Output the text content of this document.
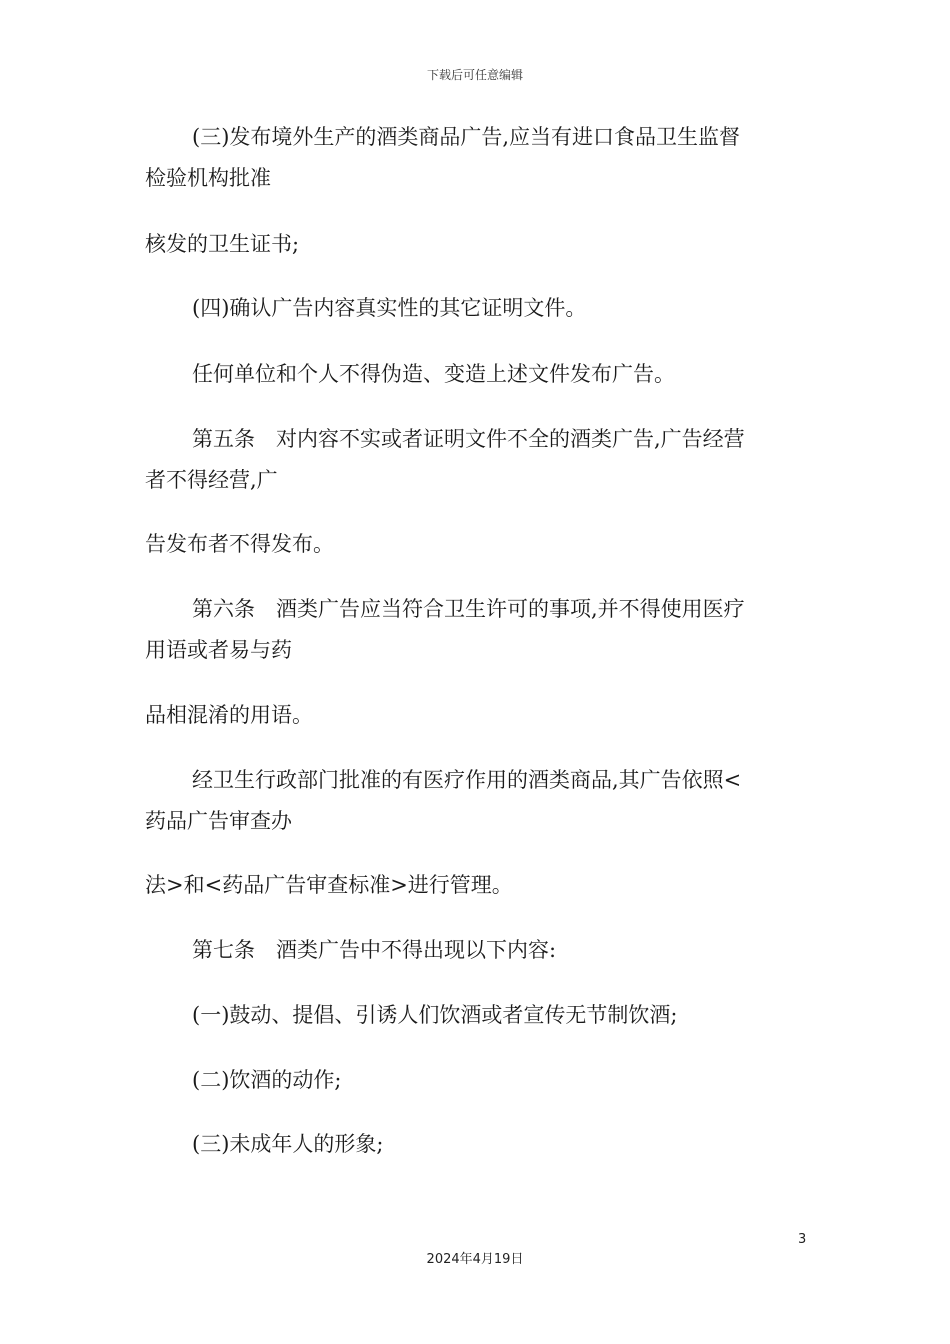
下载后可任意编辑
(三)发布境外生产的酒类商品广告,应当有进口食品卫生监督
检验机构批准
核发的卫生证书;
(四)确认广告内容真实性的其它证明文件。
任何单位和个人不得伪造、变造上述文件发布广告。
第五条　对内容不实或者证明文件不全的酒类广告,广告经营
者不得经营,广
告发布者不得发布。
第六条　酒类广告应当符合卫生许可的事项,并不得使用医疗
用语或者易与药
品相混淆的用语。
经卫生行政部门批准的有医疗作用的酒类商品,其广告依照<
药品广告审查办
法>和<药品广告审查标准>进行管理。
第七条　酒类广告中不得出现以下内容:
(一)鼓动、提倡、引诱人们饮酒或者宣传无节制饮酒;
(二)饮酒的动作;
(三)未成年人的形象;
3
2024年4月19日
